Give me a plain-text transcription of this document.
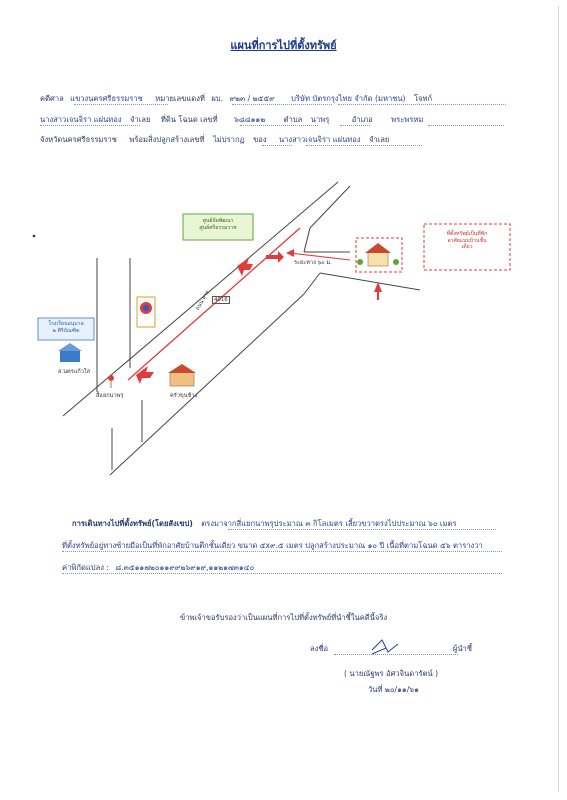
แผนที่การไปที่ตั้งทรัพย์
คดีศาล แขวงนครศรีธรรมราช หมายเลขแดงที่ ผบ. ๙๒๓ / ๒๕๕๙ บริษัท บัตรกรุงไทย จำกัด (มหาชน) โจทก์
นางสาวเจนจิรา แผ่นทอง จำเลย ที่ดิน โฉนด เลขที่ ๖๘๘๑๑๒ ตำบล นาพรุ	อำเภอ พระพรหม
จังหวัดนครศรีธรรมราช พร้อมสิ่งปลูกสร้างเลขที่ ไม่ปรากฏ ของ นางสาวเจนจิรา แผ่นทอง จำเลย
ศูนย์จัดพัฒนา
ศูนย์ศรีธรรมราช
ที่ตั้งทรัพย์เป็นที่พัก
อาศัยแบบบ้านชั้น
เดียว
ระยะทาง ๖๐ ม.
โรงเรียนอนุบาล
๒ ศิริบัณฑิต
ส.นครแก้วใส
สี่แยกนาพรุ	ครัวขุนช้าง
ถนน สาย 4016
การเดินทางไปที่ตั้งทรัพย์(โดยสังเขป) ตรงมาจากสี่แยกนาพรุประมาณ ๓ กิโลเมตร เลี้ยวขวาตรงไปประมาณ ๖๐ เมตร
ที่ตั้งทรัพย์อยู่ทางซ้ายมือเป็นที่พักอาศัยบ้านตึกชั้นเดียว ขนาด ๕x๙.๕ เมตร ปลูกสร้างประมาณ ๑๐ ปี เนื้อที่ตามโฉนด ๕๖ ตารางวา
ค่าพิกัดแปลง : ๘.๓๕๑๑๗๒๐๑๑๙๙๒๖๙๑๙,๑๑๒๑๗๓๑๔๐
ข้าพเจ้าขอรับรองว่าเป็นแผนที่การไปที่ตั้งทรัพย์ที่นำชี้ในคดีนี้จริง
ลงชื่อ	ผู้นำชี้
( นายณัฐพร อัศวจินดารัตน์ )
วันที่ ๒๐/๑๑/๖๑
